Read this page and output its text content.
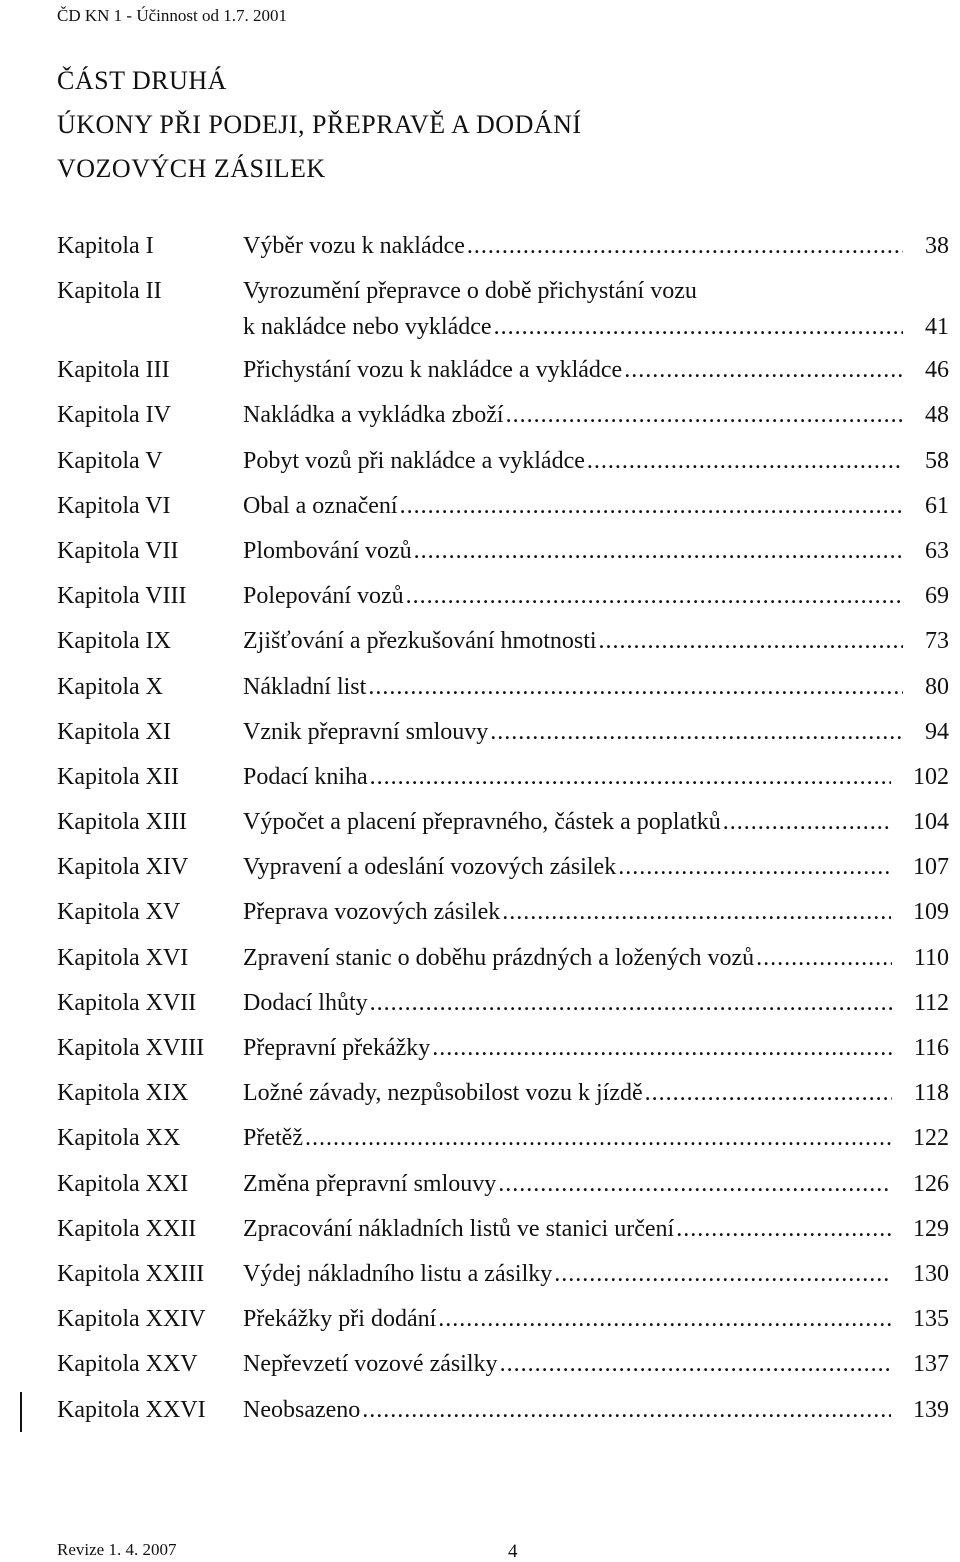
ČD KN 1 - Účinnost od 1.7. 2001
ČÁST DRUHÁ
ÚKONY PŘI PODEJI, PŘEPRAVĚ A DODÁNÍ
VOZOVÝCH ZÁSILEK
Kapitola I	Výběr vozu k nakládce .....	38
Kapitola II	Vyrozumění přepravce o době přichystání vozu
k nakládce nebo vykládce .....	41
Kapitola III	Přichystání vozu k nakládce a vykládce .....	46
Kapitola IV	Nakládka a vykládka zboží .....	48
Kapitola V	Pobyt vozů při nakládce a vykládce .....	58
Kapitola VI	Obal a označení .....	61
Kapitola VII	Plombování vozů .....	63
Kapitola VIII Polepování vozů .....	69
Kapitola IX	Zjišťování a přezkušování hmotnosti .....	73
Kapitola X	Nákladní list .....	80
Kapitola XI	Vznik přepravní smlouvy .....	94
Kapitola XII	Podací kniha .....	102
Kapitola XIII Výpočet a placení přepravného, částek a poplatků .....	104
Kapitola XIV Vypravení a odeslání vozových zásilek .....	107
Kapitola XV	Přeprava vozových zásilek .....	109
Kapitola XVI Zpravení stanic o doběhu prázdných a ložených vozů .....	110
Kapitola XVII Dodací lhůty .....	112
Kapitola XVIII Přepravní překážky .....	116
Kapitola XIX Ložné závady, nezpůsobilost vozu k jízdě .....	118
Kapitola XX	Přetěž .....	122
Kapitola XXI Změna přepravní smlouvy .....	126
Kapitola XXII Zpracování nákladních listů ve stanici určení .....	129
Kapitola XXIII Výdej nákladního listu a zásilky .....	130
Kapitola XXIV Překážky při dodání .....	135
Kapitola XXV Nepřevzetí vozové zásilky .....	137
Kapitola XXVI Neobsazeno .....	139
Revize 1. 4. 2007	4
